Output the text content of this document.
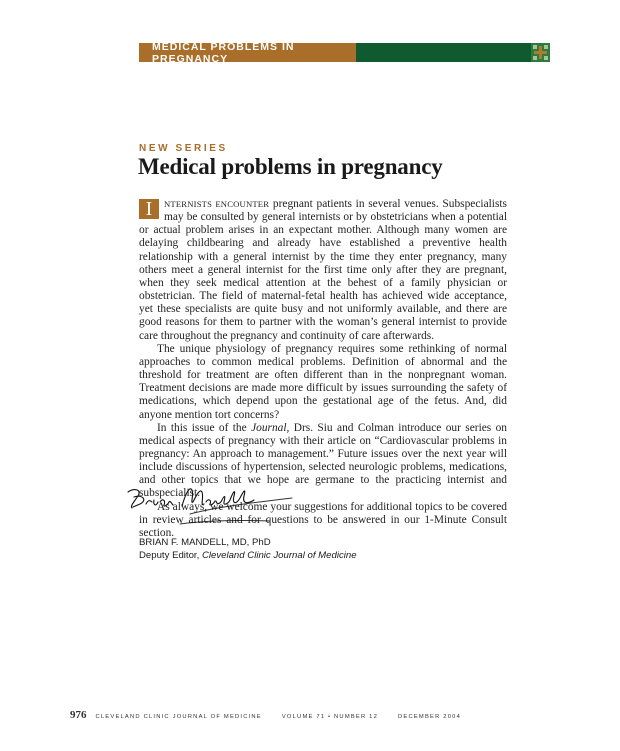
MEDICAL PROBLEMS IN PREGNANCY
NEW SERIES
Medical problems in pregnancy

I	NTERNISTS ENCOUNTER pregnant patients in several venues. Subspecialists may be consulted by general internists or by obstetricians when a potential or actual problem arises in an expectant mother. Although many women are delaying childbearing and already have established a preventive health relationship with a general internist by the time they enter pregnancy, many others meet a general internist for the first time only after they are pregnant, when they seek medical attention at the behest of a family physician or obstetrician. The field of maternal-fetal health has achieved wide acceptance, yet these specialists are quite busy and not uniformly available, and there are good reasons for them to partner with the woman’s general internist to provide care throughout the pregnancy and continuity of care afterwards.

The unique physiology of pregnancy requires some rethinking of normal approaches to common medical problems. Definition of abnormal and the threshold for treatment are often different than in the nonpregnant woman. Treatment decisions are made more difficult by issues surrounding the safety of medications, which depend upon the gestational age of the fetus. And, did anyone mention tort concerns?

In this issue of the Journal, Drs. Siu and Colman introduce our series on medical aspects of pregnancy with their article on “Cardiovascular problems in pregnancy: An approach to management.” Future issues over the next year will include discussions of hypertension, selected neurologic problems, medications, and other topics that we hope are germane to the practicing internist and subspecialist.

As always, we welcome your suggestions for additional topics to be covered in review articles and for questions to be answered in our 1-Minute Consult section.

BRIAN F. MANDELL, MD, PhD
Deputy Editor, Cleveland Clinic Journal of Medicine
976 CLEVELAND CLINIC JOURNAL OF MEDICINE	VOLUME 71 • NUMBER 12	DECEMBER 2004
